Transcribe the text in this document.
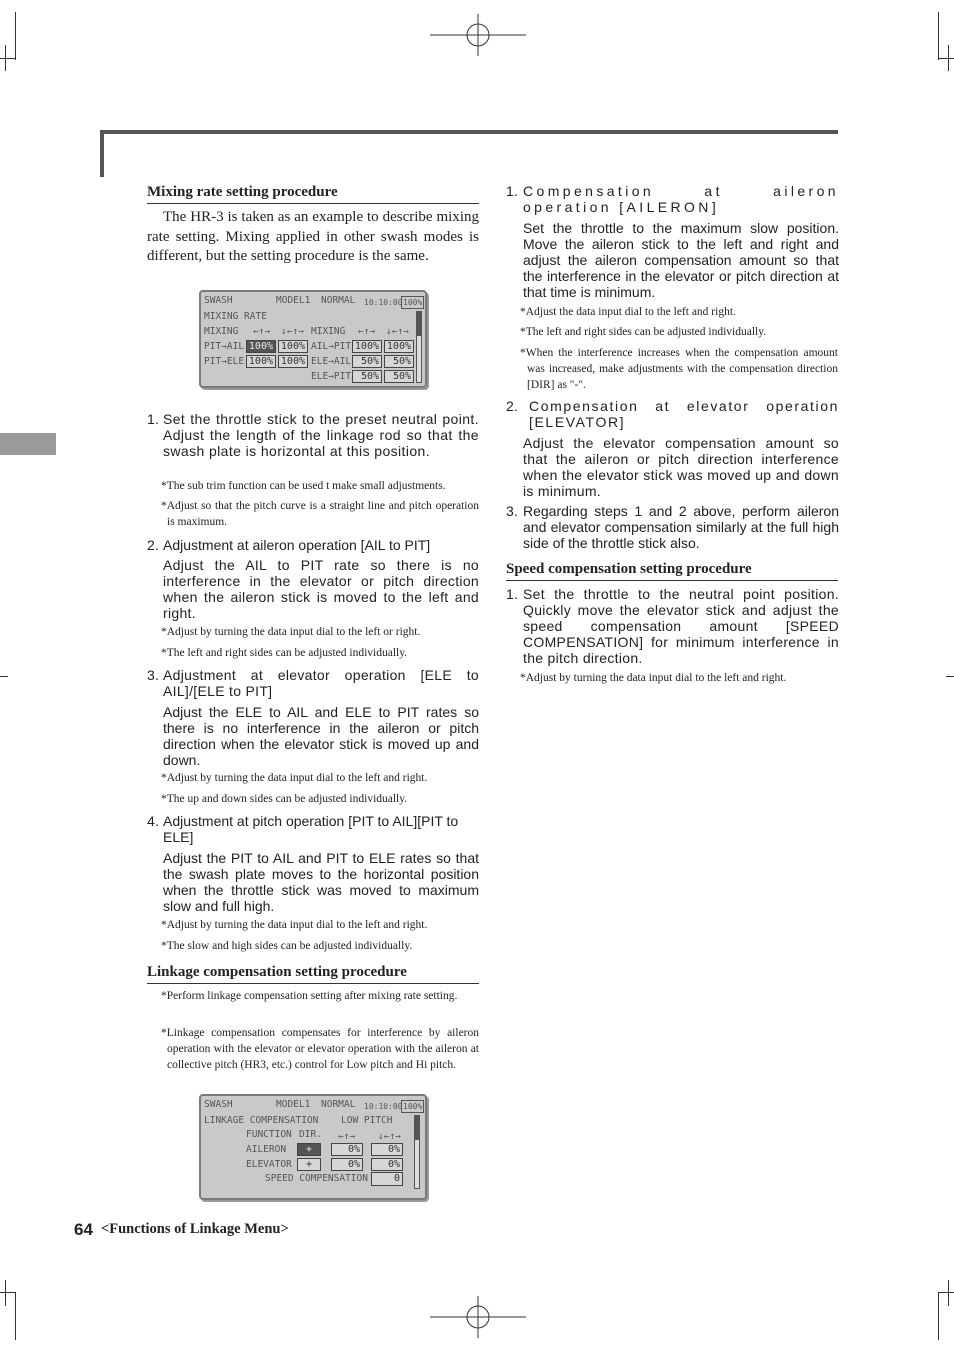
Mixing rate setting procedure
The HR-3 is taken as an example to describe mixing rate setting. Mixing applied in other swash modes is different, but the setting procedure is the same.
SWASH	MODEL1 NORMAL 10:10:00 100%
MIXING RATE
MIXING ←↑→ ↓←↑→ MIXING ←↑→ ↓←↑→
PIT→AIL 100% 100% AIL→PIT 100% 100%
PIT→ELE 100% 100% ELE→AIL 50%	50%
ELE→PIT 50%	50%
1. Set the throttle stick to the preset neutral point. Adjust the length of the linkage rod so that the swash plate is horizontal at this position.
*The sub trim function can be used t make small adjustments.
*Adjust so that the pitch curve is a straight line and pitch operation is maximum.
2. Adjustment at aileron operation [AIL to PIT]
Adjust the AIL to PIT rate so there is no interference in the elevator or pitch direction when the aileron stick is moved to the left and right.
*Adjust by turning the data input dial to the left or right.
*The left and right sides can be adjusted individually.
3. Adjustment at elevator operation [ELE to AIL]/[ELE to PIT]
Adjust the ELE to AIL and ELE to PIT rates so there is no interference in the aileron or pitch direction when the elevator stick is moved up and down.
*Adjust by turning the data input dial to the left and right.
*The up and down sides can be adjusted individually.
4. Adjustment at pitch operation [PIT to AIL][PIT to ELE]
Adjust the PIT to AIL and PIT to ELE rates so that the swash plate moves to the horizontal position when the throttle stick was moved to maximum slow and full high.
*Adjust by turning the data input dial to the left and right.
*The slow and high sides can be adjusted individually.
Linkage compensation setting procedure
*Perform linkage compensation setting after mixing rate setting.
*Linkage compensation compensates for interference by aileron operation with the elevator or elevator operation with the aileron at collective pitch (HR3, etc.) control for Low pitch and Hi pitch.
SWASH	MODEL1 NORMAL 10:10:00 100%
LINKAGE COMPENSATION LOW PITCH
FUNCTION DIR. ←↑→ ↓←↑→
AILERON	+	0%	0%
ELEVATOR	+	0%	0%
SPEED COMPENSATION	0
1. Compensation at aileron operation [AILERON]
Set the throttle to the maximum slow position. Move the aileron stick to the left and right and adjust the aileron compensation amount so that the interference in the elevator or pitch direction at that time is minimum.
*Adjust the data input dial to the left and right.
*The left and right sides can be adjusted individually.
*When the interference increases when the compensation amount was increased, make adjustments with the compensation direction [DIR] as "-".
2. Compensation at elevator operation [ELEVATOR]
Adjust the elevator compensation amount so that the aileron or pitch direction interference when the elevator stick was moved up and down is minimum.
3. Regarding steps 1 and 2 above, perform aileron and elevator compensation similarly at the full high side of the throttle stick also.
Speed compensation setting procedure
1. Set the throttle to the neutral point position. Quickly move the elevator stick and adjust the speed compensation amount [SPEED COMPENSATION] for minimum interference in the pitch direction.
*Adjust by turning the data input dial to the left and right.
64 <Functions of Linkage Menu>
